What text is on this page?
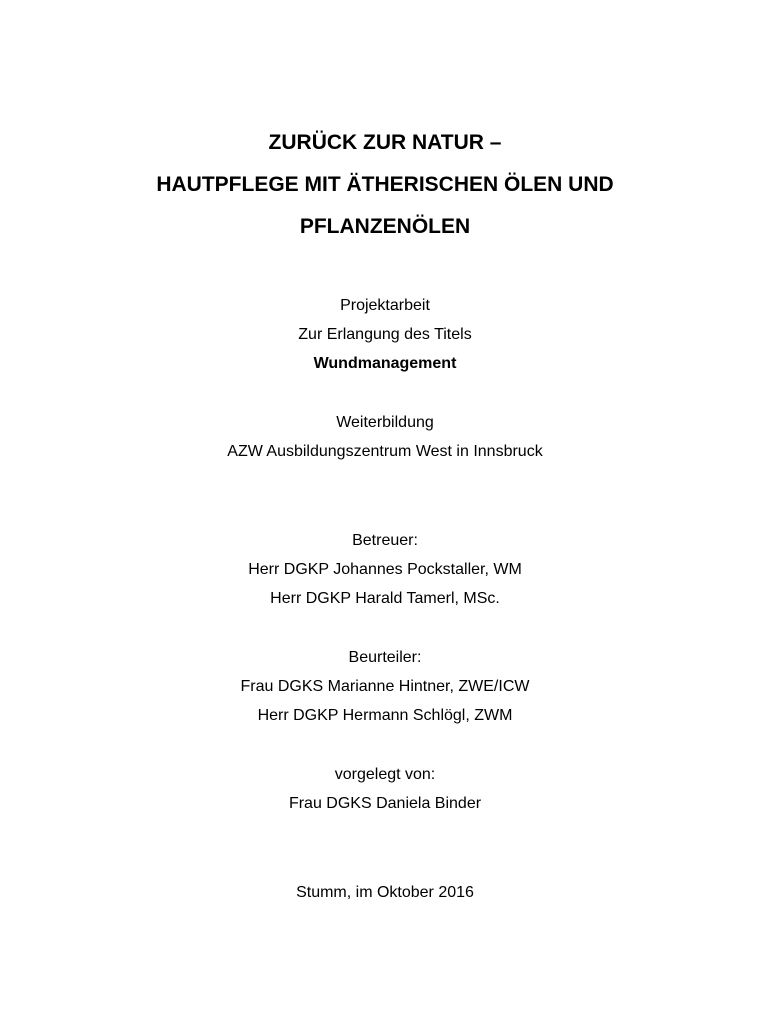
ZURÜCK ZUR NATUR –
HAUTPFLEGE MIT ÄTHERISCHEN ÖLEN UND
PFLANZENÖLEN
Projektarbeit
Zur Erlangung des Titels
Wundmanagement
Weiterbildung
AZW Ausbildungszentrum West in Innsbruck
Betreuer:
Herr DGKP Johannes Pockstaller, WM
Herr DGKP Harald Tamerl, MSc.
Beurteiler:
Frau DGKS Marianne Hintner, ZWE/ICW
Herr DGKP Hermann Schlögl, ZWM
vorgelegt von:
Frau DGKS Daniela Binder
Stumm, im Oktober 2016
